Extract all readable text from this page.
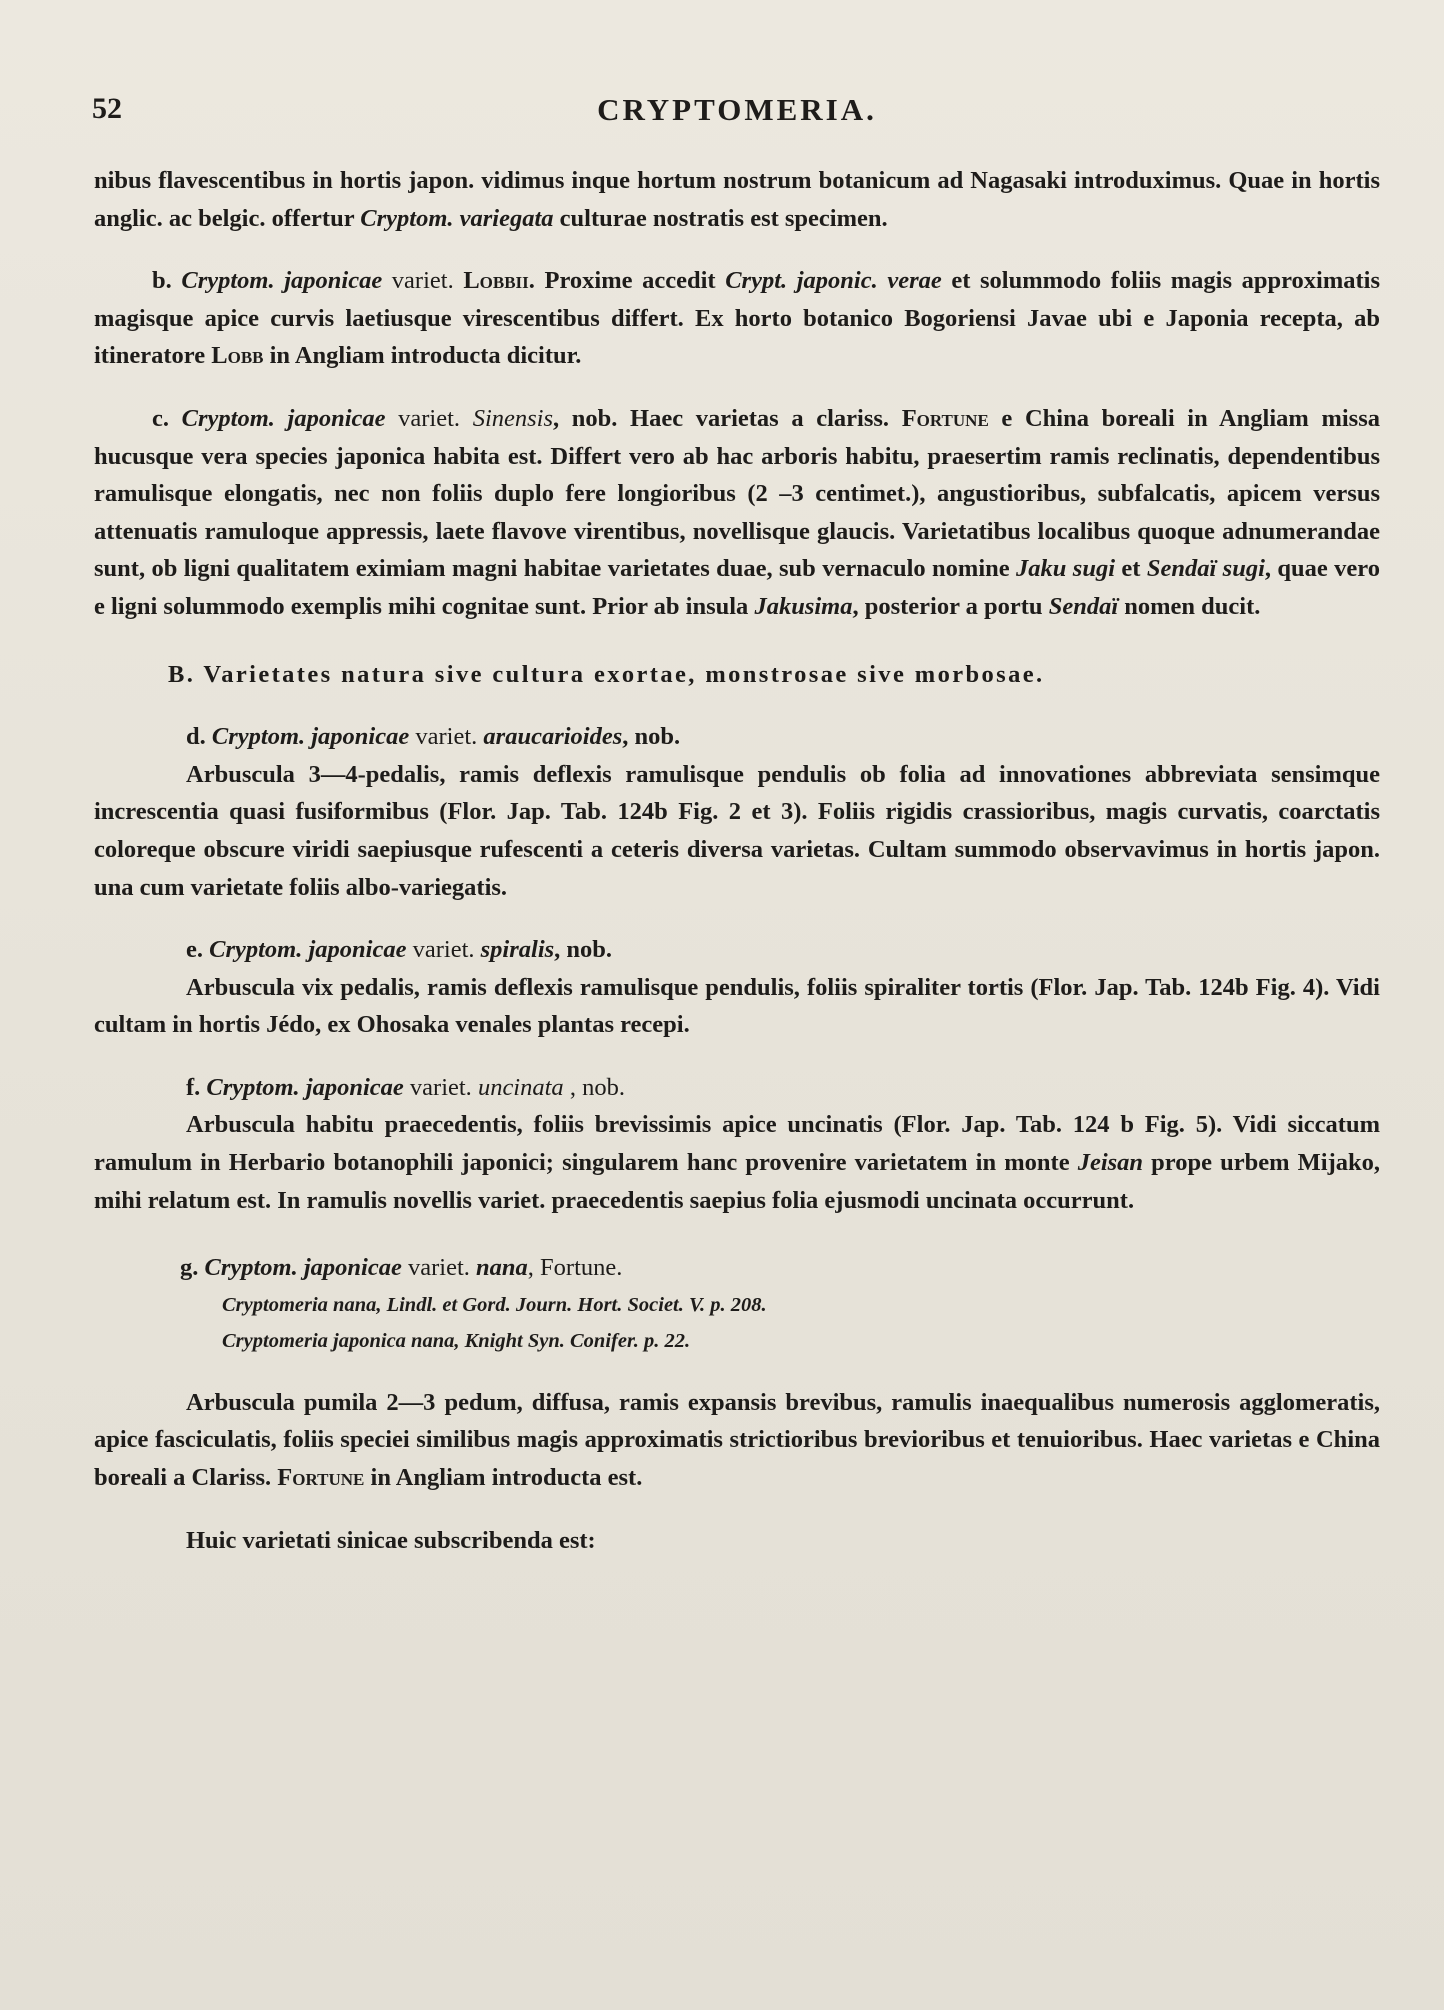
52	CRYPTOMERIA.

nibus flavescentibus in hortis japon. vidimus inque hortum nostrum botanicum ad Nagasaki introduximus. Quae in hortis anglic. ac belgic. offertur Cryptom. variegata culturae nostratis est specimen.

b. Cryptom. japonicae variet. Lobbii. Proxime accedit Crypt. japonic. verae et solummodo foliis magis approximatis magisque apice curvis laetiusque virescentibus differt. Ex horto botanico Bogoriensi Javae ubi e Japonia recepta, ab itineratore Lobb in Angliam introducta dicitur.

c. Cryptom. japonicae variet. Sinensis, nob. Haec varietas a clariss. Fortune e China boreali in Angliam missa hucusque vera species japonica habita est. Differt vero ab hac arboris habitu, praesertim ramis reclinatis, dependentibus ramulisque elongatis, nec non foliis duplo fere longioribus (2 –3 centimet.), angustioribus, subfalcatis, apicem versus attenuatis ramuloque appressis, laete flavove virentibus, novellisque glaucis. Varietatibus localibus quoque adnumerandae sunt, ob ligni qualitatem eximiam magni habitae varietates duae, sub vernaculo nomine Jaku sugi et Sendaï sugi, quae vero e ligni solummodo exemplis mihi cognitae sunt. Prior ab insula Jakusima, posterior a portu Sendaï nomen ducit.

B. Varietates natura sive cultura exortae, monstrosae sive morbosae.

d. Cryptom. japonicae variet. araucarioides, nob.

Arbuscula 3—4-pedalis, ramis deflexis ramulisque pendulis ob folia ad innovationes abbreviata sensimque increscentia quasi fusiformibus (Flor. Jap. Tab. 124b Fig. 2 et 3). Foliis rigidis crassioribus, magis curvatis, coarctatis coloreque obscure viridi saepiusque rufescenti a ceteris diversa varietas. Cultam summodo observavimus in hortis japon. una cum varietate foliis albo-variegatis.

e. Cryptom. japonicae variet. spiralis, nob.

Arbuscula vix pedalis, ramis deflexis ramulisque pendulis, foliis spiraliter tortis (Flor. Jap. Tab. 124b Fig. 4). Vidi cultam in hortis Jédo, ex Ohosaka venales plantas recepi.

f. Cryptom. japonicae variet. uncinata , nob.

Arbuscula habitu praecedentis, foliis brevissimis apice uncinatis (Flor. Jap. Tab. 124 b Fig. 5). Vidi siccatum ramulum in Herbario botanophili japonici; singularem hanc provenire varietatem in monte Jeisan prope urbem Mijako, mihi relatum est. In ramulis novellis variet. praecedentis saepius folia ejusmodi uncinata occurrunt.

g. Cryptom. japonicae variet. nana, Fortune.

Cryptomeria nana, Lindl. et Gord. Journ. Hort. Societ. V. p. 208.

Cryptomeria japonica nana, Knight Syn. Conifer. p. 22.

Arbuscula pumila 2—3 pedum, diffusa, ramis expansis brevibus, ramulis inaequalibus numerosis agglomeratis, apice fasciculatis, foliis speciei similibus magis approximatis strictioribus brevioribus et tenuioribus. Haec varietas e China boreali a Clariss. Fortune in Angliam introducta est.

Huic varietati sinicae subscribenda est:
